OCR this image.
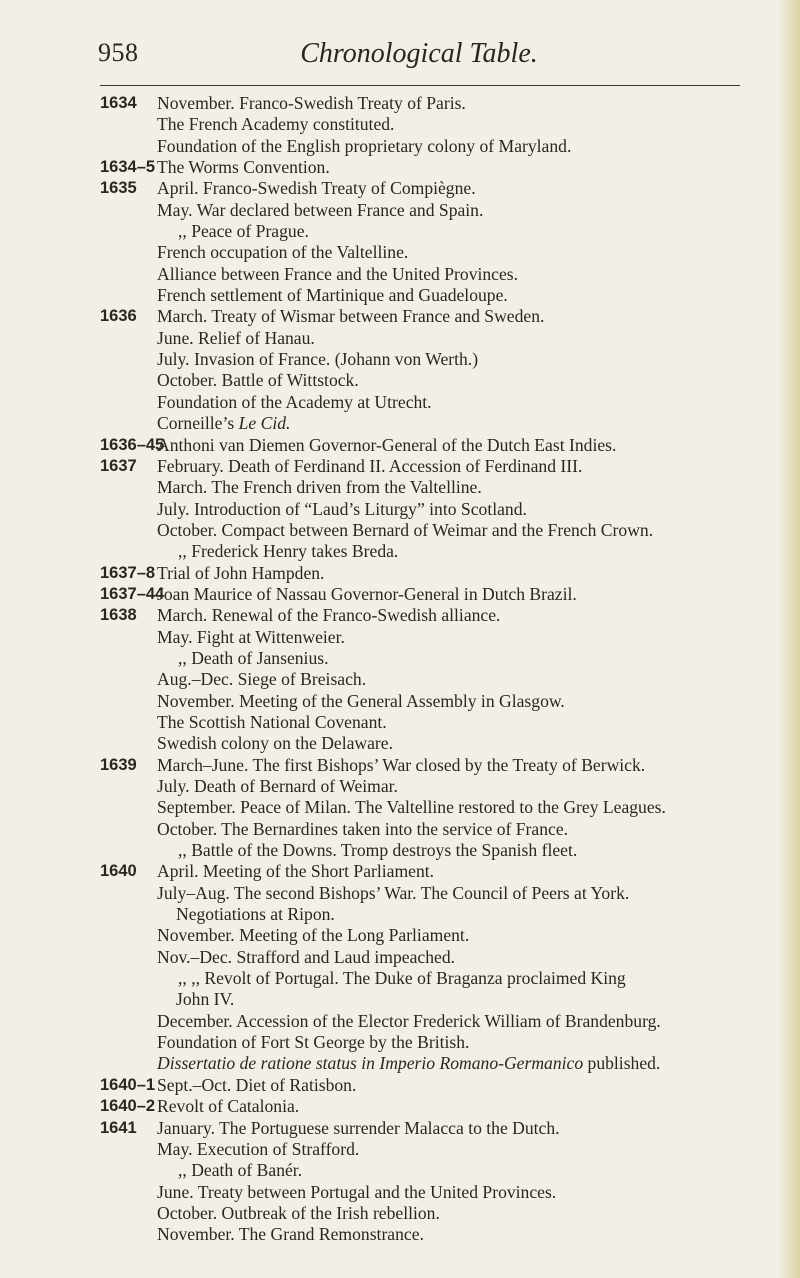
958	Chronological Table.
1634 November. Franco-Swedish Treaty of Paris.
The French Academy constituted.
Foundation of the English proprietary colony of Maryland.
1634–5 The Worms Convention.
1635 April. Franco-Swedish Treaty of Compiègne.
May. War declared between France and Spain.
,, Peace of Prague.
French occupation of the Valtelline.
Alliance between France and the United Provinces.
French settlement of Martinique and Guadeloupe.
1636 March. Treaty of Wismar between France and Sweden.
June. Relief of Hanau.
July. Invasion of France. (Johann von Werth.)
October. Battle of Wittstock.
Foundation of the Academy at Utrecht.
Corneille’s Le Cid.
1636–45
Anthoni van Diemen Governor-General of the Dutch East Indies.
1637 February. Death of Ferdinand II. Accession of Ferdinand III.
March. The French driven from the Valtelline.
July. Introduction of “Laud’s Liturgy” into Scotland.
October. Compact between Bernard of Weimar and the French Crown.
,, Frederick Henry takes Breda.
1637–8 Trial of John Hampden.
1637–44
Joan Maurice of Nassau Governor-General in Dutch Brazil.
1638 March. Renewal of the Franco-Swedish alliance.
May. Fight at Wittenweier.
,, Death of Jansenius.
Aug.–Dec. Siege of Breisach.
November. Meeting of the General Assembly in Glasgow.
The Scottish National Covenant.
Swedish colony on the Delaware.
1639 March–June. The first Bishops’ War closed by the Treaty of Berwick.
July. Death of Bernard of Weimar.
September. Peace of Milan. The Valtelline restored to the Grey Leagues.
October. The Bernardines taken into the service of France.
,, Battle of the Downs. Tromp destroys the Spanish fleet.
1640 April. Meeting of the Short Parliament.
July–Aug. The second Bishops’ War. The Council of Peers at York.
Negotiations at Ripon.
November. Meeting of the Long Parliament.
Nov.–Dec. Strafford and Laud impeached.
,, ,, Revolt of Portugal. The Duke of Braganza proclaimed King
John IV.
December. Accession of the Elector Frederick William of Brandenburg.
Foundation of Fort St George by the British.
Dissertatio de ratione status in Imperio Romano-Germanico published.
1640–1 Sept.–Oct. Diet of Ratisbon.
1640–2 Revolt of Catalonia.
1641 January. The Portuguese surrender Malacca to the Dutch.
May. Execution of Strafford.
,, Death of Banér.
June. Treaty between Portugal and the United Provinces.
October. Outbreak of the Irish rebellion.
November. The Grand Remonstrance.
